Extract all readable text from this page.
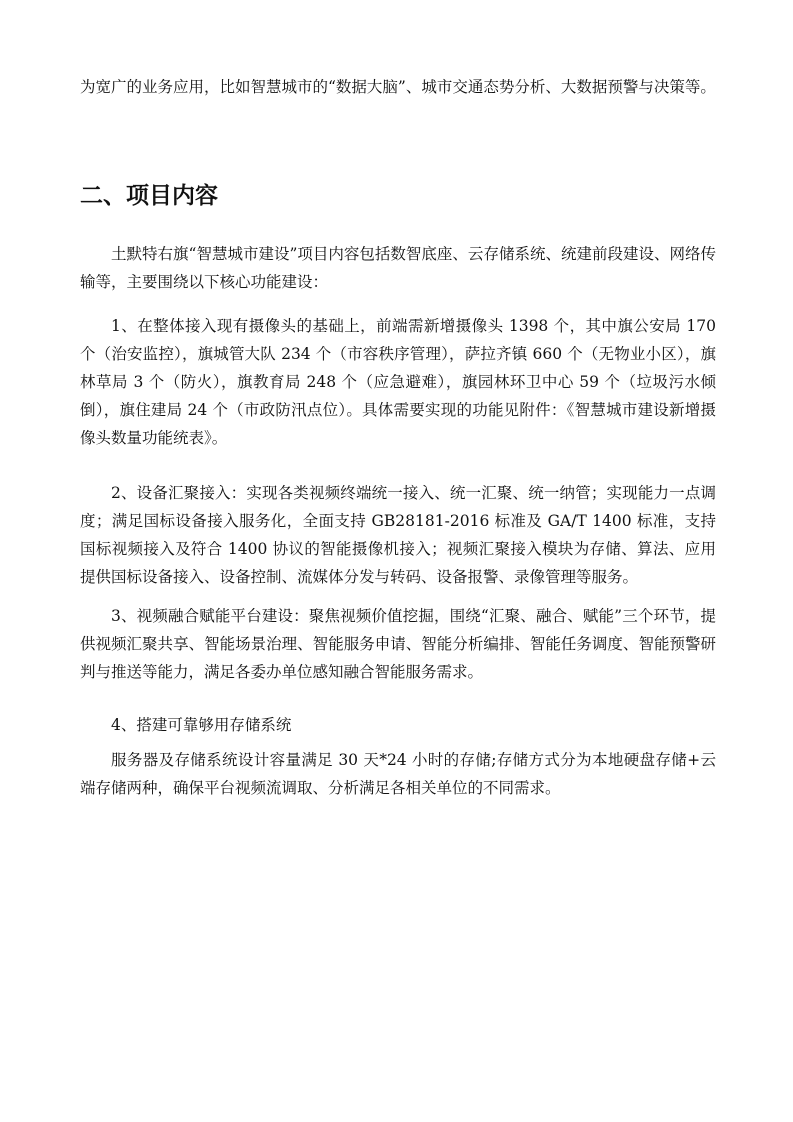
为宽广的业务应用，比如智慧城市的“数据大脑”、城市交通态势分析、大数据预警与决策等。

二、项目内容

土默特右旗“智慧城市建设”项目内容包括数智底座、云存储系统、统建前段建设、网络传输等，主要围绕以下核心功能建设：

1、在整体接入现有摄像头的基础上，前端需新增摄像头 1398 个，其中旗公安局 170 个（治安监控），旗城管大队 234 个（市容秩序管理），萨拉齐镇 660 个（无物业小区），旗林草局 3 个（防火），旗教育局 248 个（应急避难），旗园林环卫中心 59 个（垃圾污水倾倒），旗住建局 24 个（市政防汛点位）。具体需要实现的功能见附件：《智慧城市建设新增摄像头数量功能统表》。

2、设备汇聚接入：实现各类视频终端统一接入、统一汇聚、统一纳管；实现能力一点调度；满足国标设备接入服务化，全面支持 GB28181-2016 标准及 GA/T 1400 标准，支持国标视频接入及符合 1400 协议的智能摄像机接入；视频汇聚接入模块为存储、算法、应用提供国标设备接入、设备控制、流媒体分发与转码、设备报警、录像管理等服务。

3、视频融合赋能平台建设：聚焦视频价值挖掘，围绕“汇聚、融合、赋能”三个环节，提供视频汇聚共享、智能场景治理、智能服务申请、智能分析编排、智能任务调度、智能预警研判与推送等能力，满足各委办单位感知融合智能服务需求。

4、搭建可靠够用存储系统

服务器及存储系统设计容量满足 30 天*24 小时的存储;存储方式分为本地硬盘存储+云端存储两种，确保平台视频流调取、分析满足各相关单位的不同需求。
